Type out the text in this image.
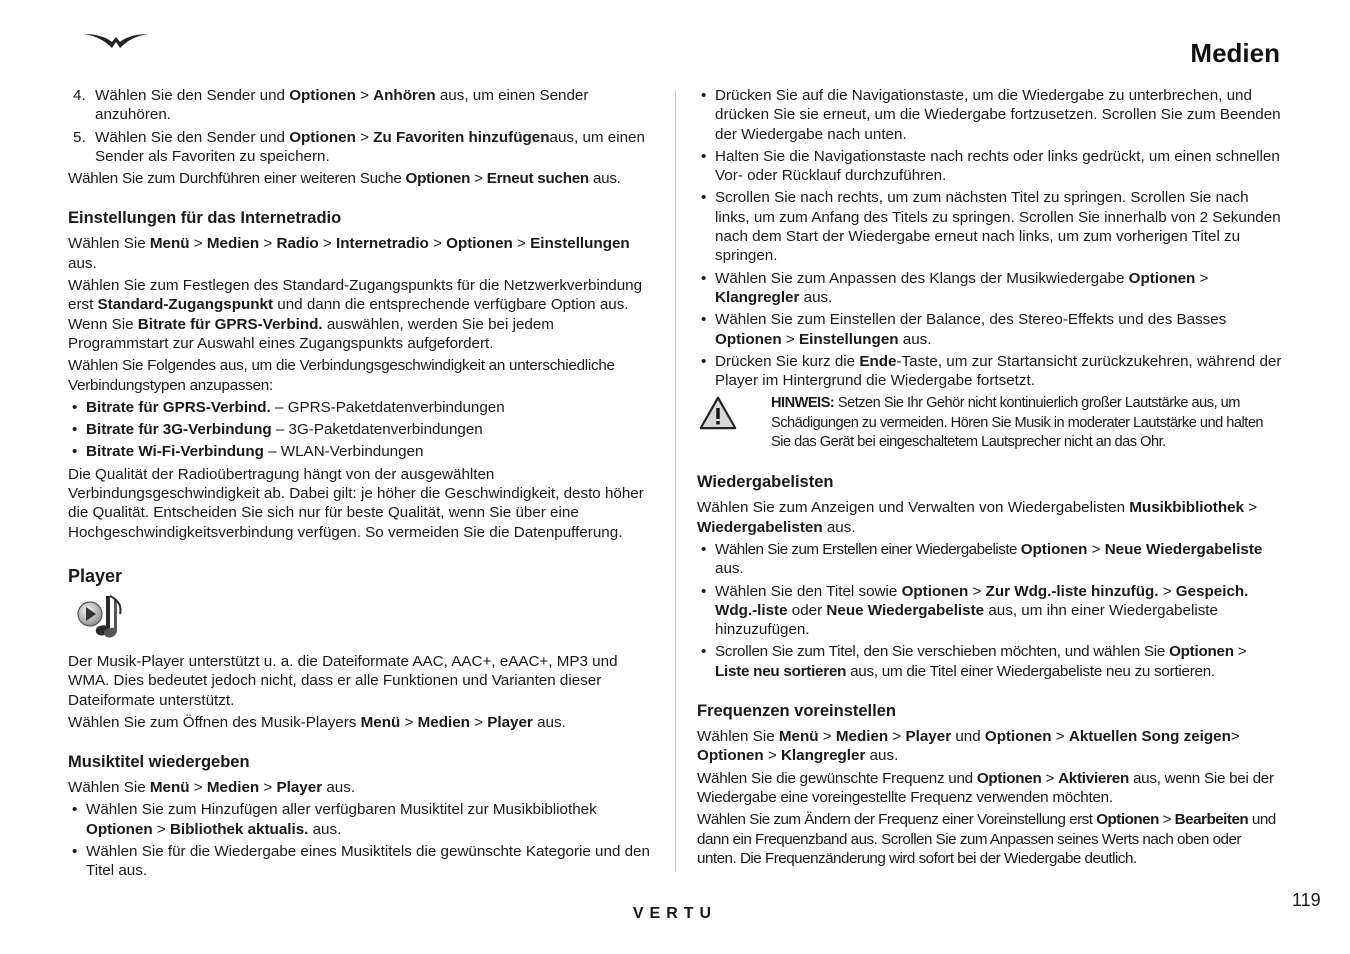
Medien
4. Wählen Sie den Sender und Optionen > Anhören aus, um einen Sender anzuhören.
5. Wählen Sie den Sender und Optionen > Zu Favoriten hinzufügenaus, um einen Sender als Favoriten zu speichern.

Wählen Sie zum Durchführen einer weiteren Suche Optionen > Erneut suchen aus.

Einstellungen für das Internetradio

Wählen Sie Menü > Medien > Radio > Internetradio > Optionen > Einstellungen aus.

Wählen Sie zum Festlegen des Standard-Zugangspunkts für die Netzwerkverbindung erst Standard-Zugangspunkt und dann die entsprechende verfügbare Option aus. Wenn Sie Bitrate für GPRS-Verbind. auswählen, werden Sie bei jedem Programmstart zur Auswahl eines Zugangspunkts aufgefordert.

Wählen Sie Folgendes aus, um die Verbindungsgeschwindigkeit an unterschiedliche Verbindungstypen anzupassen:

• Bitrate für GPRS-Verbind. – GPRS-Paketdatenverbindungen
• Bitrate für 3G-Verbindung – 3G-Paketdatenverbindungen
• Bitrate Wi-Fi-Verbindung – WLAN-Verbindungen

Die Qualität der Radioübertragung hängt von der ausgewählten Verbindungsgeschwindigkeit ab. Dabei gilt: je höher die Geschwindigkeit, desto höher die Qualität. Entscheiden Sie sich nur für beste Qualität, wenn Sie über eine Hochgeschwindigkeitsverbindung verfügen. So vermeiden Sie die Datenpufferung.

Player

Der Musik-Player unterstützt u. a. die Dateiformate AAC, AAC+, eAAC+, MP3 und WMA. Dies bedeutet jedoch nicht, dass er alle Funktionen und Varianten dieser Dateiformate unterstützt.

Wählen Sie zum Öffnen des Musik-Players Menü > Medien > Player aus.

Musiktitel wiedergeben

Wählen Sie Menü > Medien > Player aus.

• Wählen Sie zum Hinzufügen aller verfügbaren Musiktitel zur Musikbibliothek Optionen > Bibliothek aktualis. aus.
• Wählen Sie für die Wiedergabe eines Musiktitels die gewünschte Kategorie und den Titel aus.
• Drücken Sie auf die Navigationstaste, um die Wiedergabe zu unterbrechen, und drücken Sie sie erneut, um die Wiedergabe fortzusetzen. Scrollen Sie zum Beenden der Wiedergabe nach unten.
• Halten Sie die Navigationstaste nach rechts oder links gedrückt, um einen schnellen Vor- oder Rücklauf durchzuführen.
• Scrollen Sie nach rechts, um zum nächsten Titel zu springen. Scrollen Sie nach links, um zum Anfang des Titels zu springen. Scrollen Sie innerhalb von 2 Sekunden nach dem Start der Wiedergabe erneut nach links, um zum vorherigen Titel zu springen.
• Wählen Sie zum Anpassen des Klangs der Musikwiedergabe Optionen > Klangregler aus.
• Wählen Sie zum Einstellen der Balance, des Stereo-Effekts und des Basses Optionen > Einstellungen aus.
• Drücken Sie kurz die Ende-Taste, um zur Startansicht zurückzukehren, während der Player im Hintergrund die Wiedergabe fortsetzt.
HINWEIS: Setzen Sie Ihr Gehör nicht kontinuierlich großer Lautstärke aus, um Schädigungen zu vermeiden. Hören Sie Musik in moderater Lautstärke und halten Sie das Gerät bei eingeschaltetem Lautsprecher nicht an das Ohr.
Wiedergabelisten

Wählen Sie zum Anzeigen und Verwalten von Wiedergabelisten Musikbibliothek > Wiedergabelisten aus.

• Wählen Sie zum Erstellen einer Wiedergabeliste Optionen > Neue Wiedergabeliste aus.
• Wählen Sie den Titel sowie Optionen > Zur Wdg.-liste hinzufüg. > Gespeich. Wdg.-liste oder Neue Wiedergabeliste aus, um ihn einer Wiedergabeliste hinzuzufügen.
• Scrollen Sie zum Titel, den Sie verschieben möchten, und wählen Sie Optionen > Liste neu sortieren aus, um die Titel einer Wiedergabeliste neu zu sortieren.
Frequenzen voreinstellen

Wählen Sie Menü > Medien > Player und Optionen > Aktuellen Song zeigen> Optionen > Klangregler aus.

Wählen Sie die gewünschte Frequenz und Optionen > Aktivieren aus, wenn Sie bei der Wiedergabe eine voreingestellte Frequenz verwenden möchten.

Wählen Sie zum Ändern der Frequenz einer Voreinstellung erst Optionen > Bearbeiten und dann ein Frequenzband aus. Scrollen Sie zum Anpassen seines Werts nach oben oder unten. Die Frequenzänderung wird sofort bei der Wiedergabe deutlich.

119
VERTU
